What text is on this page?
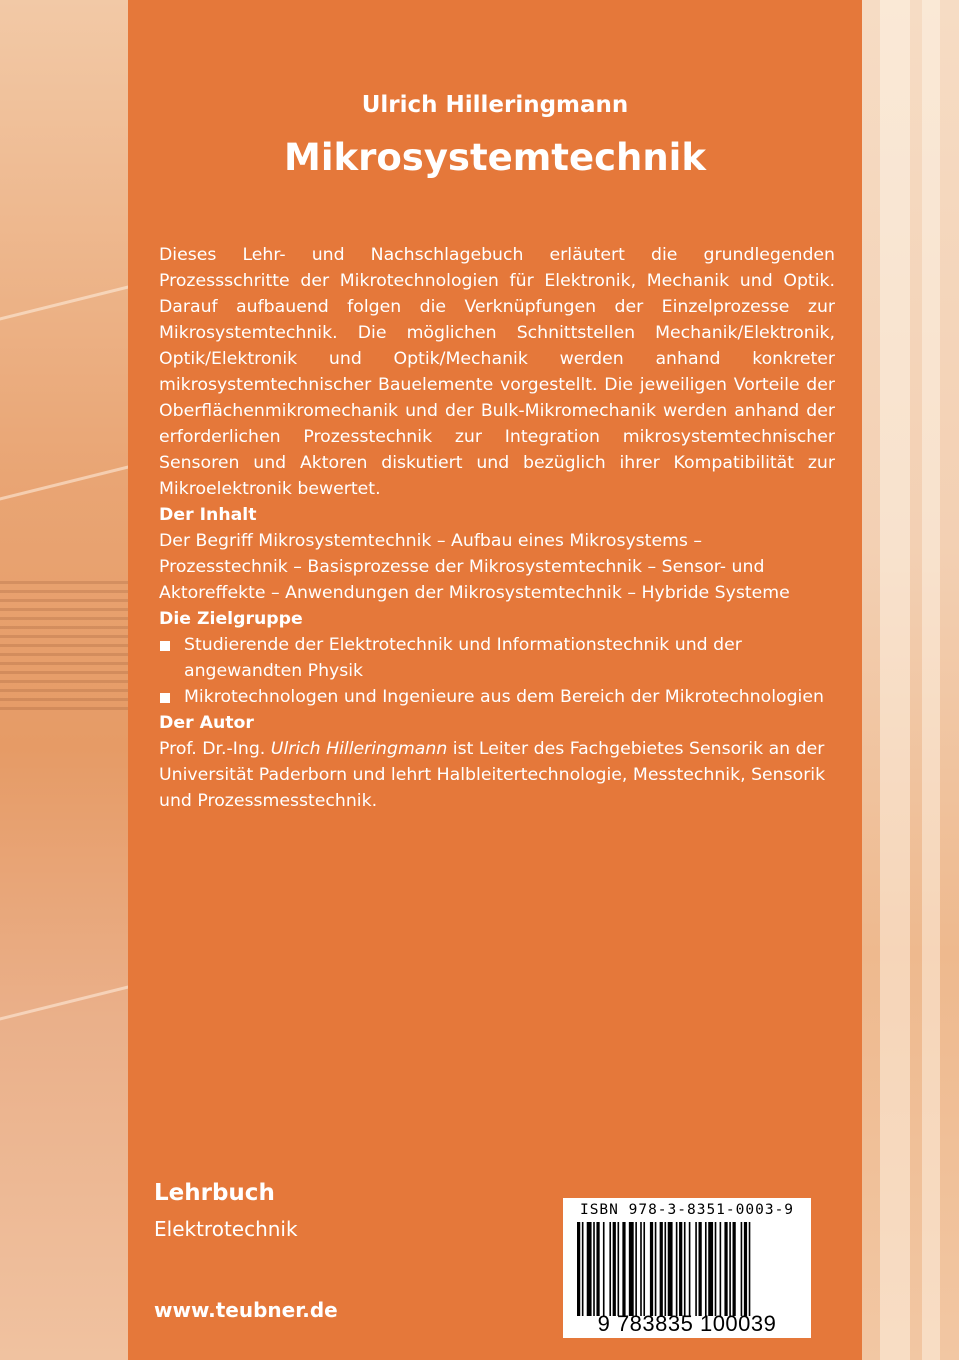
Ulrich Hilleringmann
Mikrosystemtechnik

Dieses Lehr- und Nachschlagebuch erläutert die grundlegenden Prozessschritte der Mikrotechnologien für Elektronik, Mechanik und Optik. Darauf aufbauend folgen die Verknüpfungen der Einzelprozesse zur Mikrosystemtechnik. Die möglichen Schnittstellen Mechanik/Elektronik, Optik/Elektronik und Optik/Mechanik werden anhand konkreter mikrosystemtechnischer Bauelemente vorgestellt. Die jeweiligen Vorteile der Oberflächenmikromechanik und der Bulk-Mikromechanik werden anhand der erforderlichen Prozesstechnik zur Integration mikrosystemtechnischer Sensoren und Aktoren diskutiert und bezüglich ihrer Kompatibilität zur Mikroelektronik bewertet.

Der Inhalt

Der Begriff Mikrosystemtechnik – Aufbau eines Mikrosystems – Prozesstechnik – Basisprozesse der Mikrosystemtechnik – Sensor- und Aktoreffekte – Anwendungen der Mikrosystemtechnik – Hybride Systeme

Die Zielgruppe

Studierende der Elektrotechnik und Informationstechnik und der angewandten Physik
Mikrotechnologen und Ingenieure aus dem Bereich der Mikrotechnologien

Der Autor

Prof. Dr.-Ing. Ulrich Hilleringmann ist Leiter des Fachgebietes Sensorik an der Universität Paderborn und lehrt Halbleitertechnologie, Messtechnik, Sensorik und Prozessmesstechnik.

Lehrbuch
Elektrotechnik
www.teubner.de
ISBN 978-3-8351-0003-9
9 783835 100039
